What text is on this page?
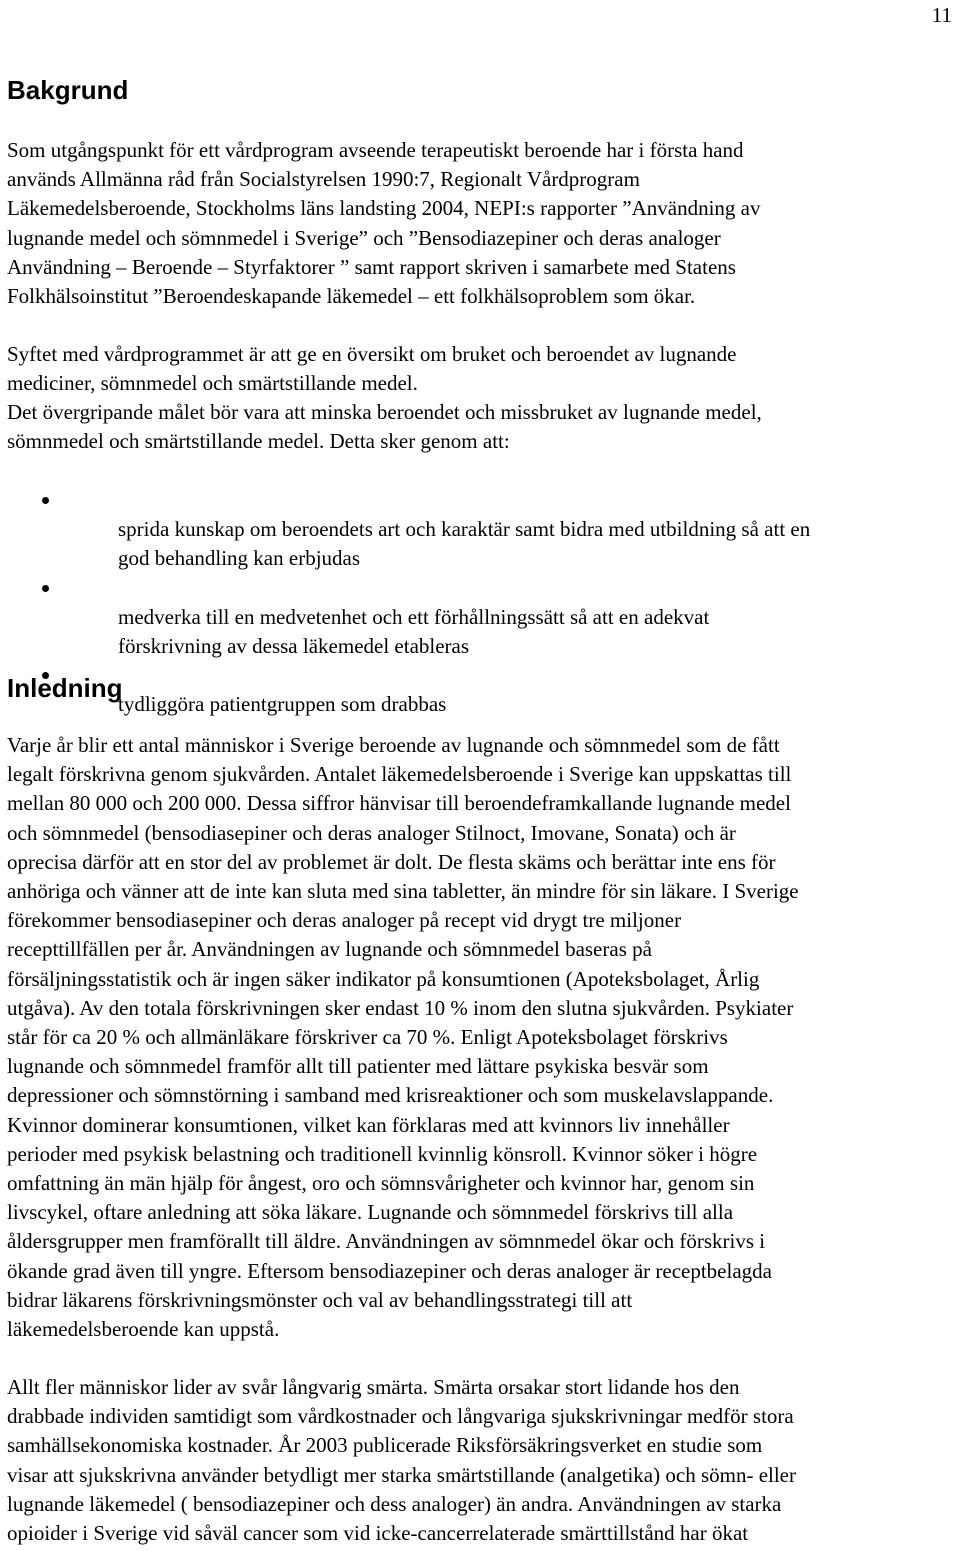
11
Bakgrund

Som utgångspunkt för ett vårdprogram avseende terapeutiskt beroende har i första hand
används Allmänna råd från Socialstyrelsen 1990:7, Regionalt Vårdprogram
Läkemedelsberoende, Stockholms läns landsting 2004, NEPI:s rapporter ”Användning av
lugnande medel och sömnmedel i Sverige” och ”Bensodiazepiner och deras analoger
Användning – Beroende – Styrfaktorer ” samt rapport skriven i samarbete med Statens
Folkhälsoinstitut ”Beroendeskapande läkemedel – ett folkhälsoproblem som ökar.

Syftet med vårdprogrammet är att ge en översikt om bruket och beroendet av lugnande
mediciner, sömnmedel och smärtstillande medel.

Det övergripande målet bör vara att minska beroendet och missbruket av lugnande medel,
sömnmedel och smärtstillande medel. Detta sker genom att:

sprida kunskap om beroendets art och karaktär samt bidra med utbildning så att en
god behandling kan erbjudas

medverka till en medvetenhet och ett förhållningssätt så att en adekvat
förskrivning av dessa läkemedel etableras

tydliggöra patientgruppen som drabbas

Inledning

Varje år blir ett antal människor i Sverige beroende av lugnande och sömnmedel som de fått
legalt förskrivna genom sjukvården. Antalet läkemedelsberoende i Sverige kan uppskattas till
mellan 80 000 och 200 000. Dessa siffror hänvisar till beroendeframkallande lugnande medel
och sömnmedel (bensodiasepiner och deras analoger Stilnoct, Imovane, Sonata) och är
oprecisa därför att en stor del av problemet är dolt. De flesta skäms och berättar inte ens för
anhöriga och vänner att de inte kan sluta med sina tabletter, än mindre för sin läkare. I Sverige
förekommer bensodiasepiner och deras analoger på recept vid drygt tre miljoner
recepttillfällen per år. Användningen av lugnande och sömnmedel baseras på
försäljningsstatistik och är ingen säker indikator på konsumtionen (Apoteksbolaget, Årlig
utgåva). Av den totala förskrivningen sker endast 10 % inom den slutna sjukvården. Psykiater
står för ca 20 % och allmänläkare förskriver ca 70 %. Enligt Apoteksbolaget förskrivs
lugnande och sömnmedel framför allt till patienter med lättare psykiska besvär som
depressioner och sömnstörning i samband med krisreaktioner och som muskelavslappande.
Kvinnor dominerar konsumtionen, vilket kan förklaras med att kvinnors liv innehåller
perioder med psykisk belastning och traditionell kvinnlig könsroll. Kvinnor söker i högre
omfattning än män hjälp för ångest, oro och sömnsvårigheter och kvinnor har, genom sin
livscykel, oftare anledning att söka läkare. Lugnande och sömnmedel förskrivs till alla
åldersgrupper men framförallt till äldre. Användningen av sömnmedel ökar och förskrivs i
ökande grad även till yngre. Eftersom bensodiazepiner och deras analoger är receptbelagda
bidrar läkarens förskrivningsmönster och val av behandlingsstrategi till att
läkemedelsberoende kan uppstå.

Allt fler människor lider av svår långvarig smärta. Smärta orsakar stort lidande hos den
drabbade individen samtidigt som vårdkostnader och långvariga sjukskrivningar medför stora
samhällsekonomiska kostnader. År 2003 publicerade Riksförsäkringsverket en studie som
visar att sjukskrivna använder betydligt mer starka smärtstillande (analgetika) och sömn- eller
lugnande läkemedel ( bensodiazepiner och dess analoger) än andra. Användningen av starka
opioider i Sverige vid såväl cancer som vid icke-cancerrelaterade smärttillstånd har ökat
